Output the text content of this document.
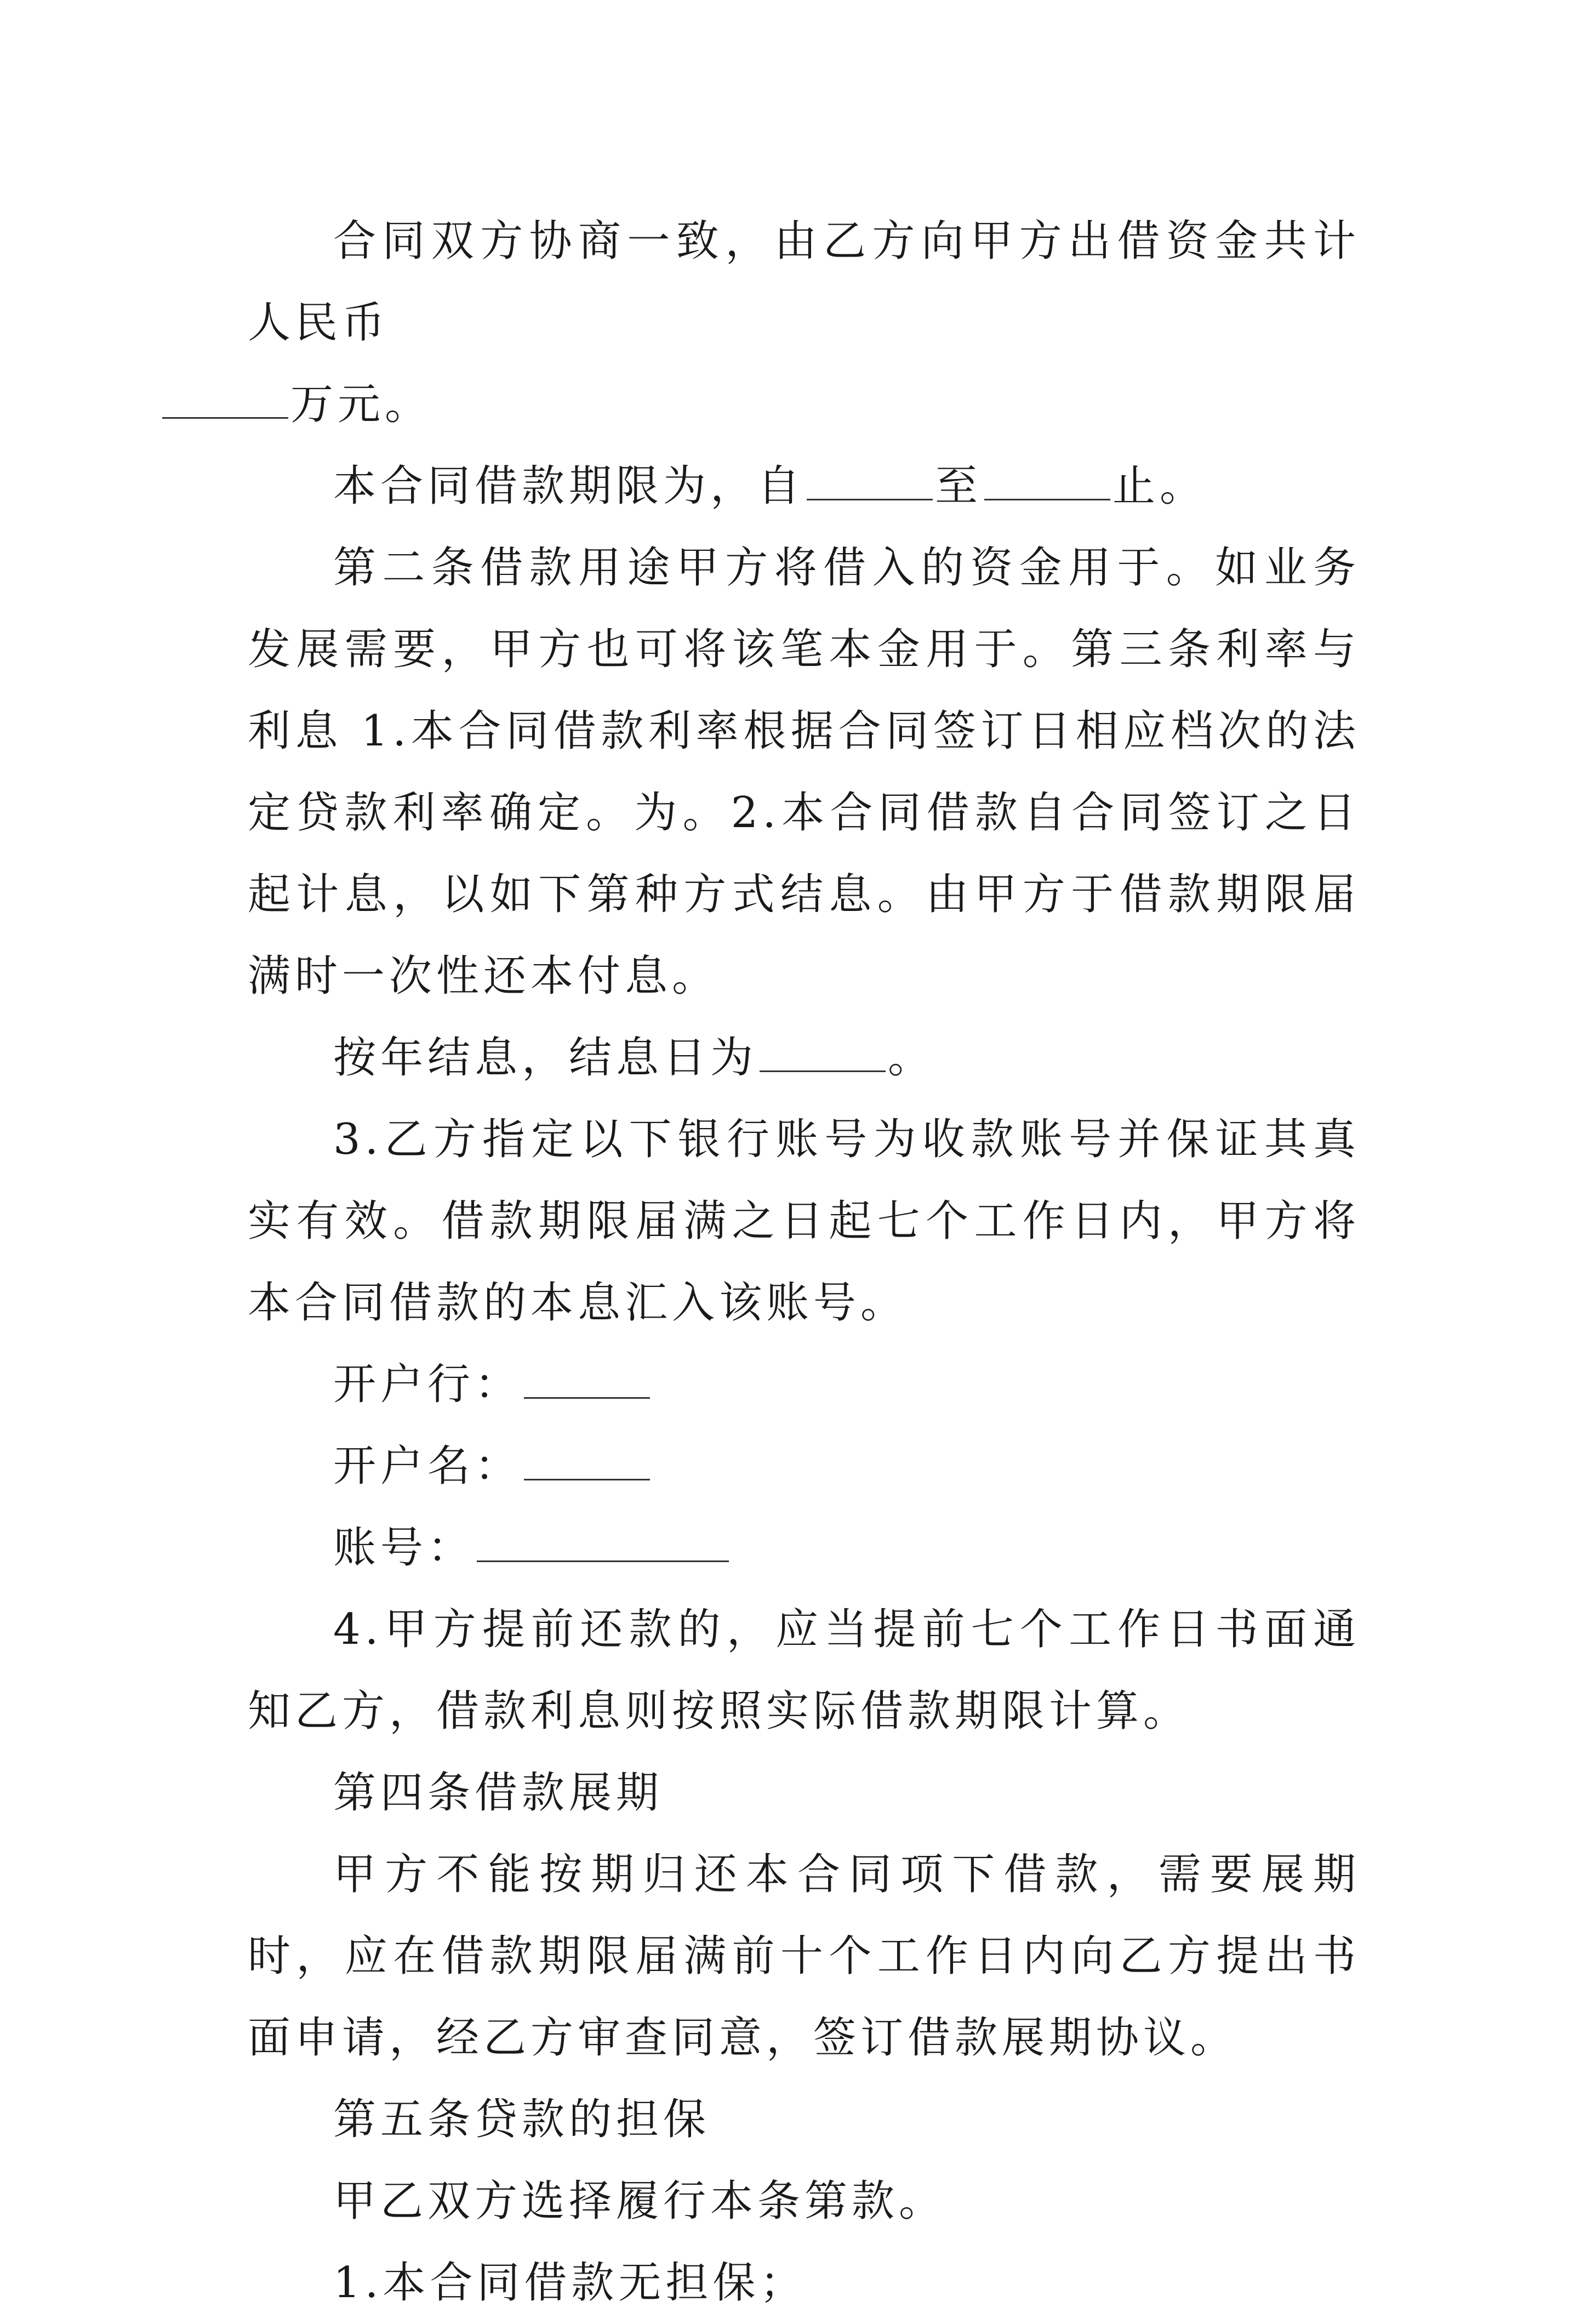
合同双方协商一致，由乙方向甲方出借资金共计人民币
万元。

本合同借款期限为，自	至	止。

第二条借款用途甲方将借入的资金用于。如业务发展需要，甲方也可将该笔本金用于。第三条利率与利息 1.本合同借款利率根据合同签订日相应档次的法定贷款利率确定。为。2.本合同借款自合同签订之日起计息，以如下第种方式结息。由甲方于借款期限届满时一次性还本付息。

按年结息，结息日为	。

3.乙方指定以下银行账号为收款账号并保证其真实有效。借款期限届满之日起七个工作日内，甲方将本合同借款的本息汇入该账号。

开户行：

开户名：

账号：

4.甲方提前还款的，应当提前七个工作日书面通知乙方，借款利息则按照实际借款期限计算。

第四条借款展期

甲方不能按期归还本合同项下借款，需要展期时，应在借款期限届满前十个工作日内向乙方提出书面申请，经乙方审查同意，签订借款展期协议。

第五条贷款的担保

甲乙双方选择履行本条第款。

1.本合同借款无担保；
